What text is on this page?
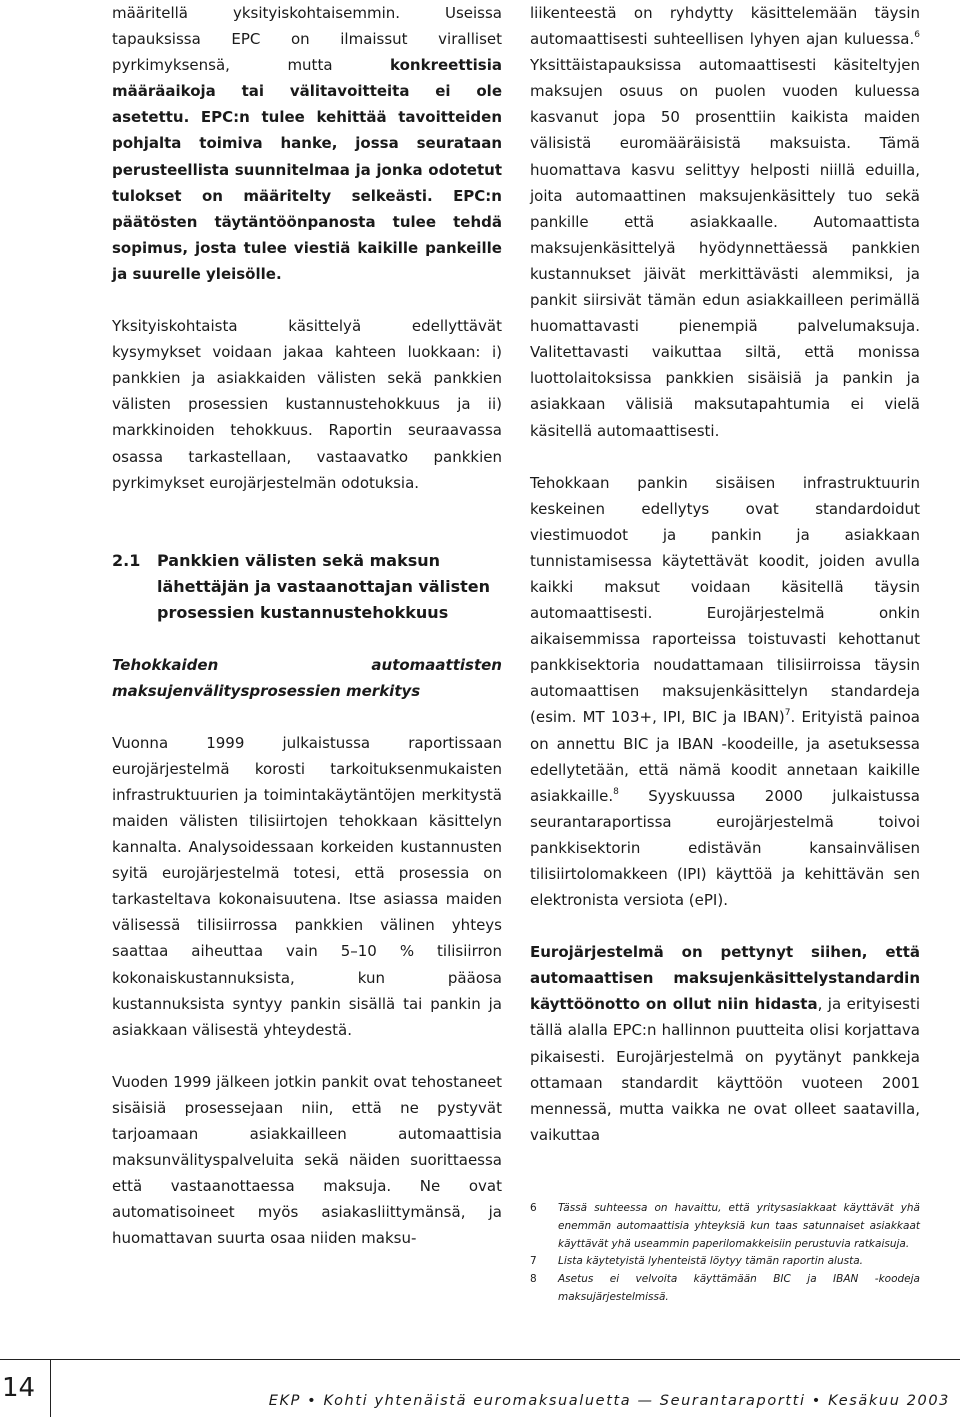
määritellä yksityiskohtaisemmin. Useissa tapauksissa EPC on ilmaissut viralliset pyrkimyksensä, mutta	konkreettisia määräaikoja tai välitavoitteita ei ole asetettu. EPC:n tulee kehittää tavoitteiden pohjalta toimiva hanke, jossa seurataan perusteellista suunnitelmaa ja jonka odotetut tulokset on määritelty selkeästi. EPC:n päätösten täytäntöönpanosta tulee tehdä sopimus, josta tulee viestiä kaikille pankeille ja suurelle yleisölle.

Yksityiskohtaista käsittelyä edellyttävät kysymykset voidaan jakaa kahteen luokkaan: i) pankkien ja asiakkaiden välisten sekä pankkien välisten prosessien kustannustehokkuus ja ii) markkinoiden tehokkuus. Raportin seuraavassa osassa tarkastellaan, vastaavatko pankkien pyrkimykset eurojärjestelmän odotuksia.

2.1	Pankkien välisten sekä maksun lähettäjän ja vastaanottajan välisten prosessien kustannustehokkuus

Tehokkaiden automaattisten maksujenvälitysprosessien merkitys

Vuonna 1999 julkaistussa raportissaan eurojärjestelmä korosti tarkoituksenmukaisten infrastruktuurien ja toimintakäytäntöjen merkitystä maiden välisten tilisiirtojen tehokkaan käsittelyn kannalta. Analysoidessaan korkeiden kustannusten syitä eurojärjestelmä totesi, että prosessia on tarkasteltava kokonaisuutena. Itse asiassa maiden välisessä tilisiirrossa pankkien välinen yhteys saattaa aiheuttaa vain 5–10 % tilisiirron kokonaiskustannuksista, kun pääosa kustannuksista syntyy pankin sisällä tai pankin ja asiakkaan välisestä yhteydestä.

Vuoden 1999 jälkeen jotkin pankit ovat tehostaneet sisäisiä prosessejaan niin, että ne pystyvät tarjoamaan asiakkailleen automaattisia maksunvälityspalveluita sekä näiden suorittaessa että vastaanottaessa maksuja. Ne ovat automatisoineet myös asiakasliittymänsä, ja huomattavan suurta osaa niiden maksu-

liikenteestä on ryhdytty käsittelemään täysin automaattisesti suhteellisen lyhyen ajan kuluessa.$^6$ Yksittäistapauksissa automaattisesti käsiteltyjen maksujen osuus on puolen vuoden kuluessa kasvanut jopa 50 prosenttiin kaikista maiden välisistä euromääräisistä maksuista. Tämä huomattava kasvu selittyy helposti niillä eduilla, joita automaattinen maksujenkäsittely tuo sekä pankille että asiakkaalle. Automaattista maksujenkäsittelyä hyödynnettäessä pankkien kustannukset jäivät merkittävästi alemmiksi, ja pankit siirsivät tämän edun asiakkailleen perimällä huomattavasti pienempiä palvelumaksuja. Valitettavasti vaikuttaa siltä, että monissa luottolaitoksissa pankkien sisäisiä ja pankin ja asiakkaan välisiä maksutapahtumia ei vielä käsitellä automaattisesti.

Tehokkaan pankin sisäisen infrastruktuurin keskeinen edellytys ovat standardoidut viestimuodot ja pankin ja asiakkaan tunnistamisessa käytettävät koodit, joiden avulla kaikki maksut voidaan käsitellä täysin automaattisesti. Eurojärjestelmä onkin aikaisemmissa raporteissa toistuvasti kehottanut pankkisektoria noudattamaan tilisiirroissa täysin automaattisen maksujenkäsittelyn standardeja (esim. MT 103+, IPI, BIC ja IBAN)$^7$. Erityistä painoa on annettu BIC ja IBAN -koodeille, ja asetuksessa edellytetään, että nämä koodit annetaan kaikille asiakkaille.$^8$ Syyskuussa 2000 julkaistussa seurantaraportissa eurojärjestelmä toivoi pankkisektorin edistävän kansainvälisen tilisiirtolomakkeen (IPI) käyttöä ja kehittävän sen elektronista versiota (ePI).

Eurojärjestelmä on pettynyt siihen, että automaattisen maksujenkäsittelystandardin käyttöönotto on ollut niin hidasta, ja erityisesti tällä alalla EPC:n hallinnon puutteita olisi korjattava pikaisesti. Eurojärjestelmä on pyytänyt pankkeja ottamaan standardit käyttöön vuoteen 2001 mennessä, mutta vaikka ne ovat olleet saatavilla, vaikuttaa

6	Tässä suhteessa on havaittu, että yritysasiakkaat käyttävät yhä enemmän automaattisia yhteyksiä kun taas satunnaiset asiakkaat käyttävät yhä useammin paperilomakkeisiin perustuvia ratkaisuja.
7	Lista käytetyistä lyhenteistä löytyy tämän raportin alusta.
8	Asetus ei velvoita käyttämään BIC ja IBAN -koodeja maksujärjestelmissä.
14	EKP • Kohti yhtenäistä euromaksualuetta — Seurantaraportti • Kesäkuu 2003
